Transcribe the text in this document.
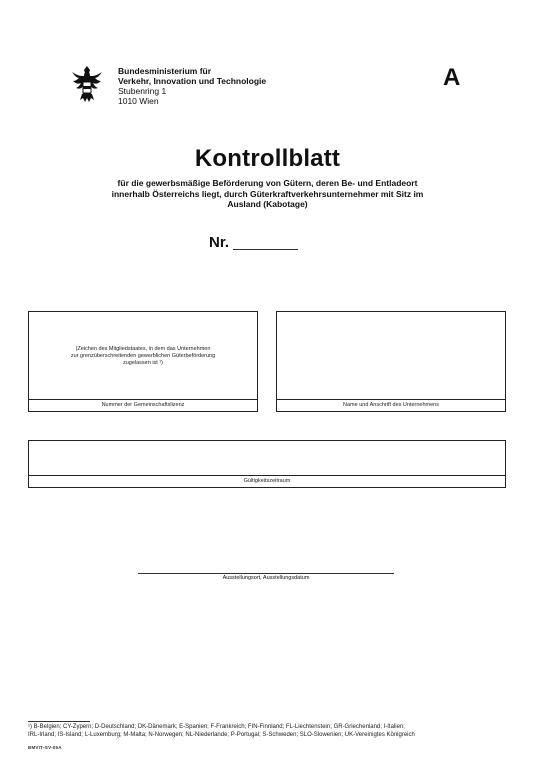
Bundesministerium für
Verkehr, Innovation und Technologie
Stubenring 1
1010 Wien
A
Kontrollblatt
für die gewerbsmäßige Beförderung von Gütern, deren Be- und Entladeort
innerhalb Österreichs liegt, durch Güterkraftverkehrsunternehmer mit Sitz im
Ausland (Kabotage)
Nr.
(Zeichen des Mitgliedstaates, in dem das Unternehmen
zur grenzüberschreitenden gewerblichen Güterbeförderung
zugelassen ist ¹)
Nummer der Gemeinschaftslizenz	Name und Anschrift des Unternehmens
Gültigkeitszeitraum
Ausstellungsort, Ausstellungsdatum
¹) B-Belgien; CY-Zypern; D-Deutschland; DK-Dänemark; E-Spanien; F-Frankreich; FIN-Finnland; FL-Liechtenstein; GR-Griechenland; I-Italien;
IRL-Irland; IS-Island; L-Luxemburg; M-Malta; N-Norwegen; NL-Niederlande; P-Portugal; S-Schweden; SLO-Slowenien; UK-Vereinigtes Königreich
BMVIT-GV-05A
